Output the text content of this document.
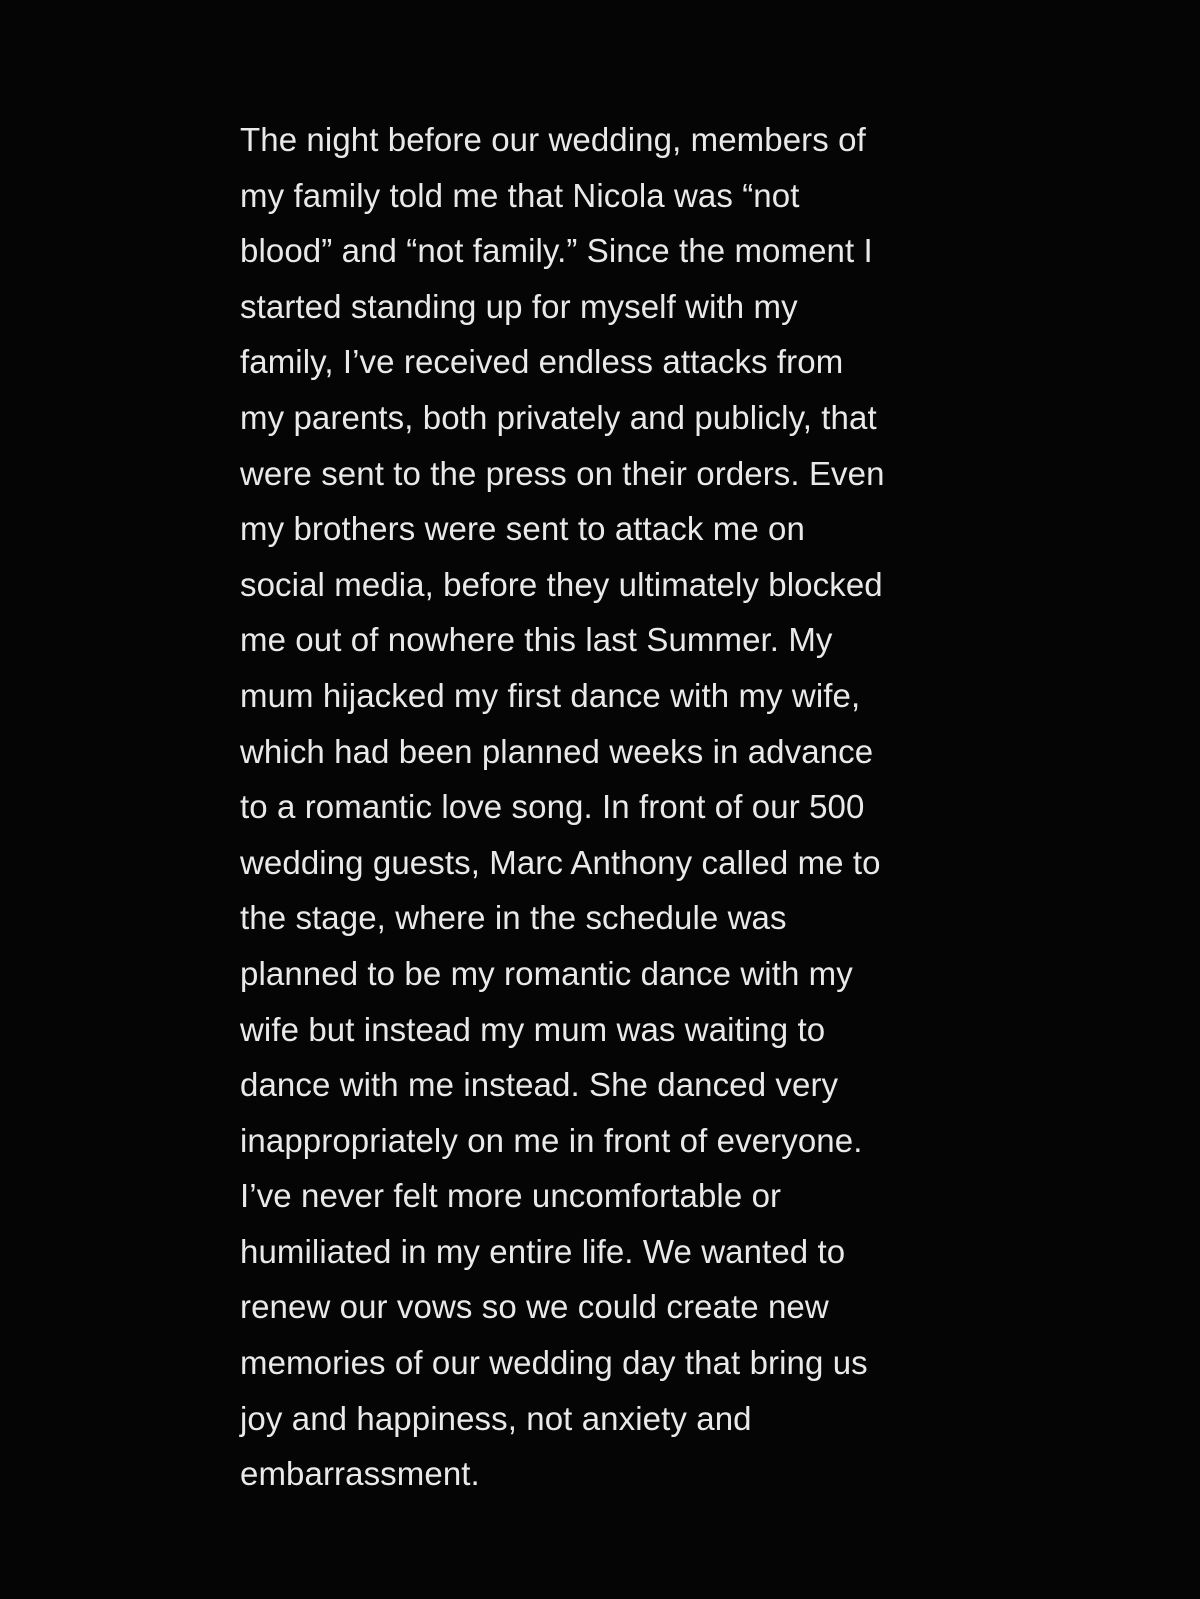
The night before our wedding, members of
my family told me that Nicola was “not
blood” and “not family.” Since the moment I
started standing up for myself with my
family, I’ve received endless attacks from
my parents, both privately and publicly, that
were sent to the press on their orders. Even
my brothers were sent to attack me on
social media, before they ultimately blocked
me out of nowhere this last Summer. My
mum hijacked my first dance with my wife,
which had been planned weeks in advance
to a romantic love song. In front of our 500
wedding guests, Marc Anthony called me to
the stage, where in the schedule was
planned to be my romantic dance with my
wife but instead my mum was waiting to
dance with me instead. She danced very
inappropriately on me in front of everyone.
I’ve never felt more uncomfortable or
humiliated in my entire life. We wanted to
renew our vows so we could create new
memories of our wedding day that bring us
joy and happiness, not anxiety and
embarrassment.
